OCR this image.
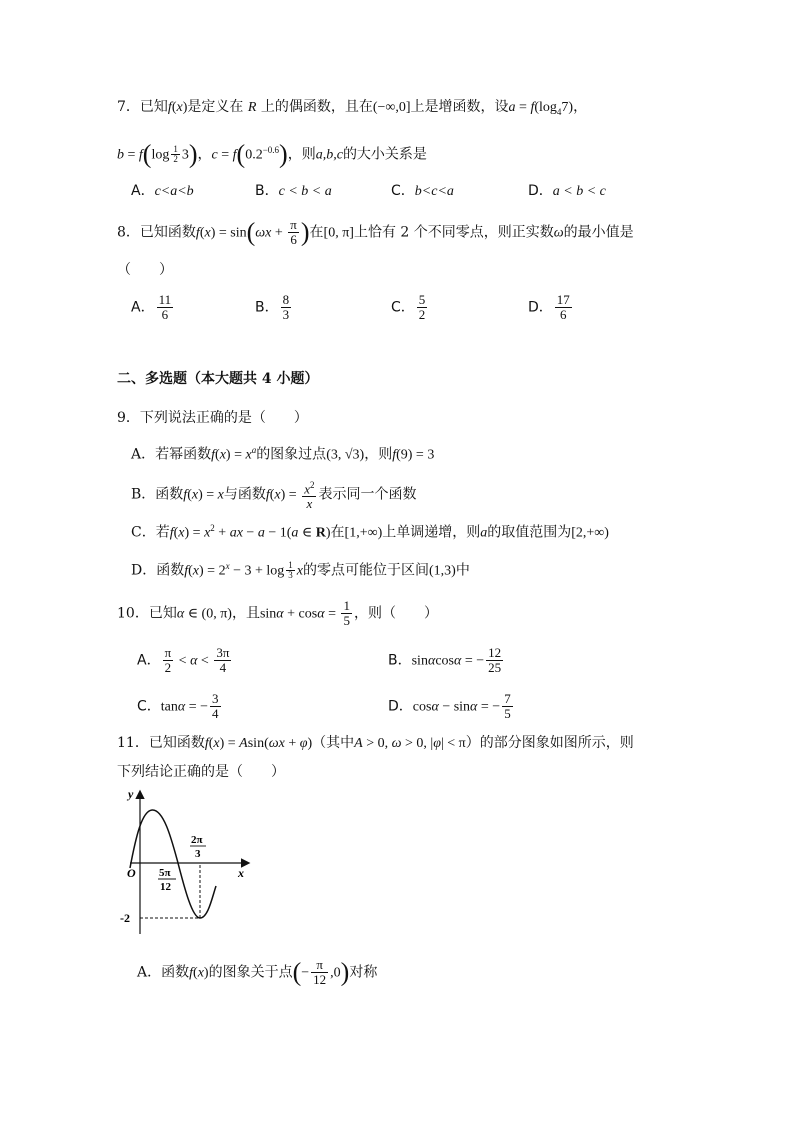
7．已知f(x)是定义在 R 上的偶函数，且在(−∞,0]上是增函数，设$a = f(\log_47)$，
$b = f(\log \frac{1}{2} 3)$，$c = f(0.2^{-0.6})$，则a,b,c的大小关系是
A．c<a<b	B．c < b < a	C．b<c<a	D．a < b < c
8．已知函数$f(x) = \sin(\omega x + \frac{\pi}{6}$ )在[0, π]上恰有 2 个不同零点，则正实数ω的最小值是
（　　）
A． $\frac{11}{6}$	B． $\frac{8}{3}$	C． $\frac{5}{2}$	D． $\frac{17}{6}$
二、多选题（本大题共 4 小题）
9．下列说法正确的是（　　）
A．若幂函数$f(x) = x^a$的图象过点(3, √3)，则f(9) = 3
B．函数f(x) = x与函数$f(x) = \frac{x^2}{x}$ 表示同一个函数
C．若$f(x) = x^2$ + ax − a − 1(a ∈ R)在[1,+∞)上单调递增，则a的取值范围为[2,+∞)
D．函数$f(x) = 2^x - 3 + \log \frac{1}{3}$ x的零点可能位于区间(1,3)中
10．已知α ∈ (0, π)，且$\sin\alpha + \cos\alpha = \frac{1}{5}$ ，则（　　）
A． $\frac{\pi}{2} < \alpha < \frac{3\pi}{4}$	B．sinαcosα = − $\frac{12}{25}$
C．tanα = − $\frac{3}{4}$	D．cosα − sinα = − $\frac{7}{5}$
11．已知函数f(x) = Asin(ωx + φ)（其中A > 0, ω > 0, |φ| < π）的部分图象如图所示，则
下列结论正确的是（　　）
y
x
O
-2
5π
12
2π
3
A．函数f(x)的图象关于点(− $\frac{\pi}{12} ,0$)对称
